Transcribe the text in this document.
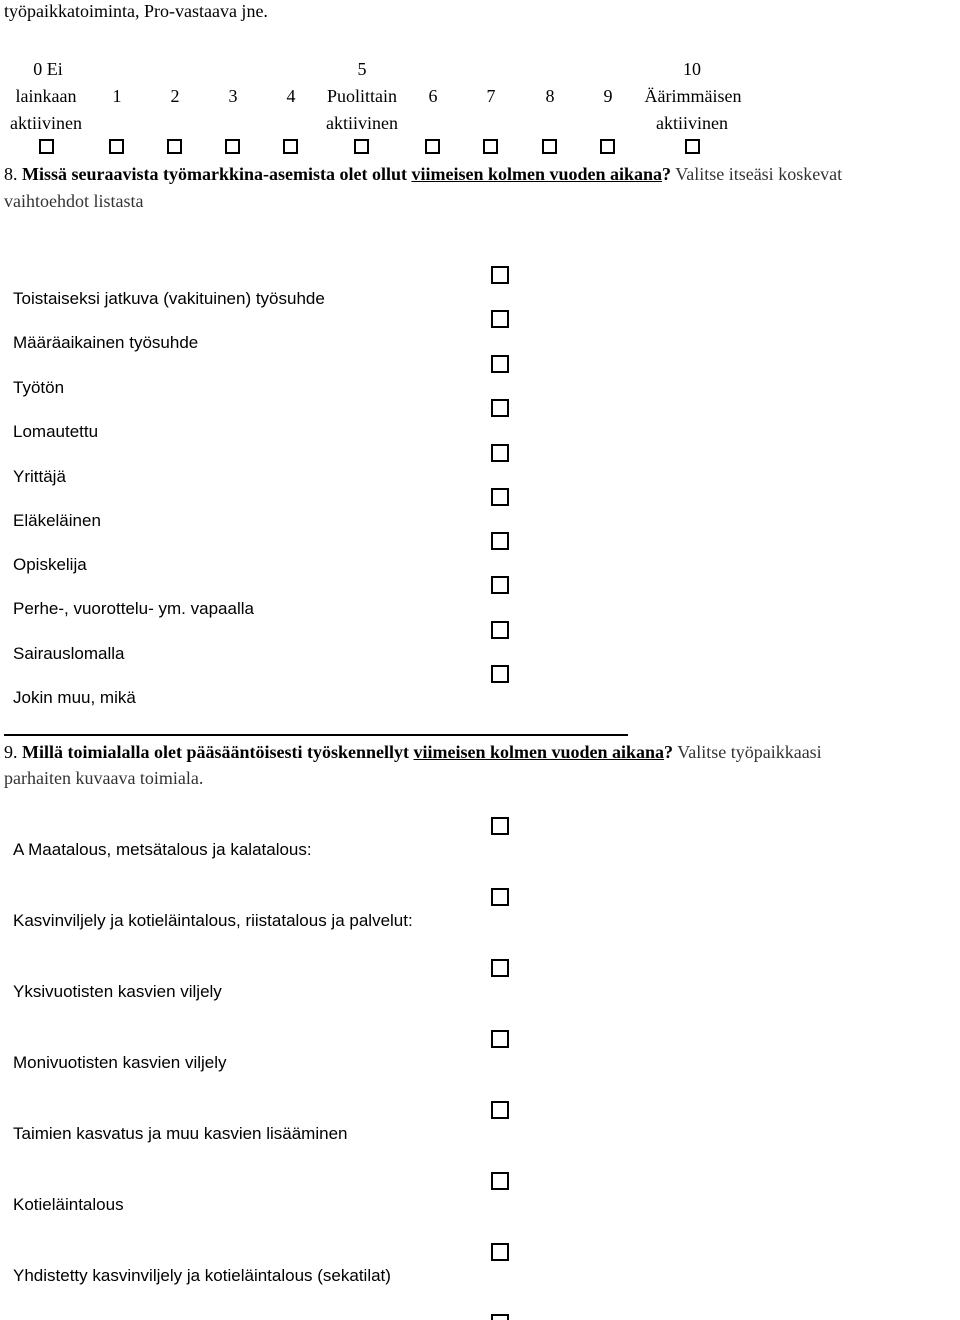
työpaikkatoiminta, Pro-vastaava jne.
0 Ei
lainkaan
aktiivinen
1	2	3	4
5
Puolittain
aktiivinen
6	7	8	9
10
Äärimmäisen
aktiivinen
8. Missä seuraavista työmarkkina-asemista olet ollut viimeisen kolmen vuoden aikana? Valitse itseäsi koskevat
vaihtoehdot listasta
Toistaiseksi jatkuva (vakituinen) työsuhde
Määräaikainen työsuhde
Työtön
Lomautettu
Yrittäjä
Eläkeläinen
Opiskelija
Perhe-, vuorottelu- ym. vapaalla
Sairauslomalla
Jokin muu, mikä
9. Millä toimialalla olet pääsääntöisesti työskennellyt viimeisen kolmen vuoden aikana? Valitse työpaikkaasi
parhaiten kuvaava toimiala.
A Maatalous, metsätalous ja kalatalous:
Kasvinviljely ja kotieläintalous, riistatalous ja palvelut:
Yksivuotisten kasvien viljely
Monivuotisten kasvien viljely
Taimien kasvatus ja muu kasvien lisääminen
Kotieläintalous
Yhdistetty kasvinviljely ja kotieläintalous (sekatilat)
